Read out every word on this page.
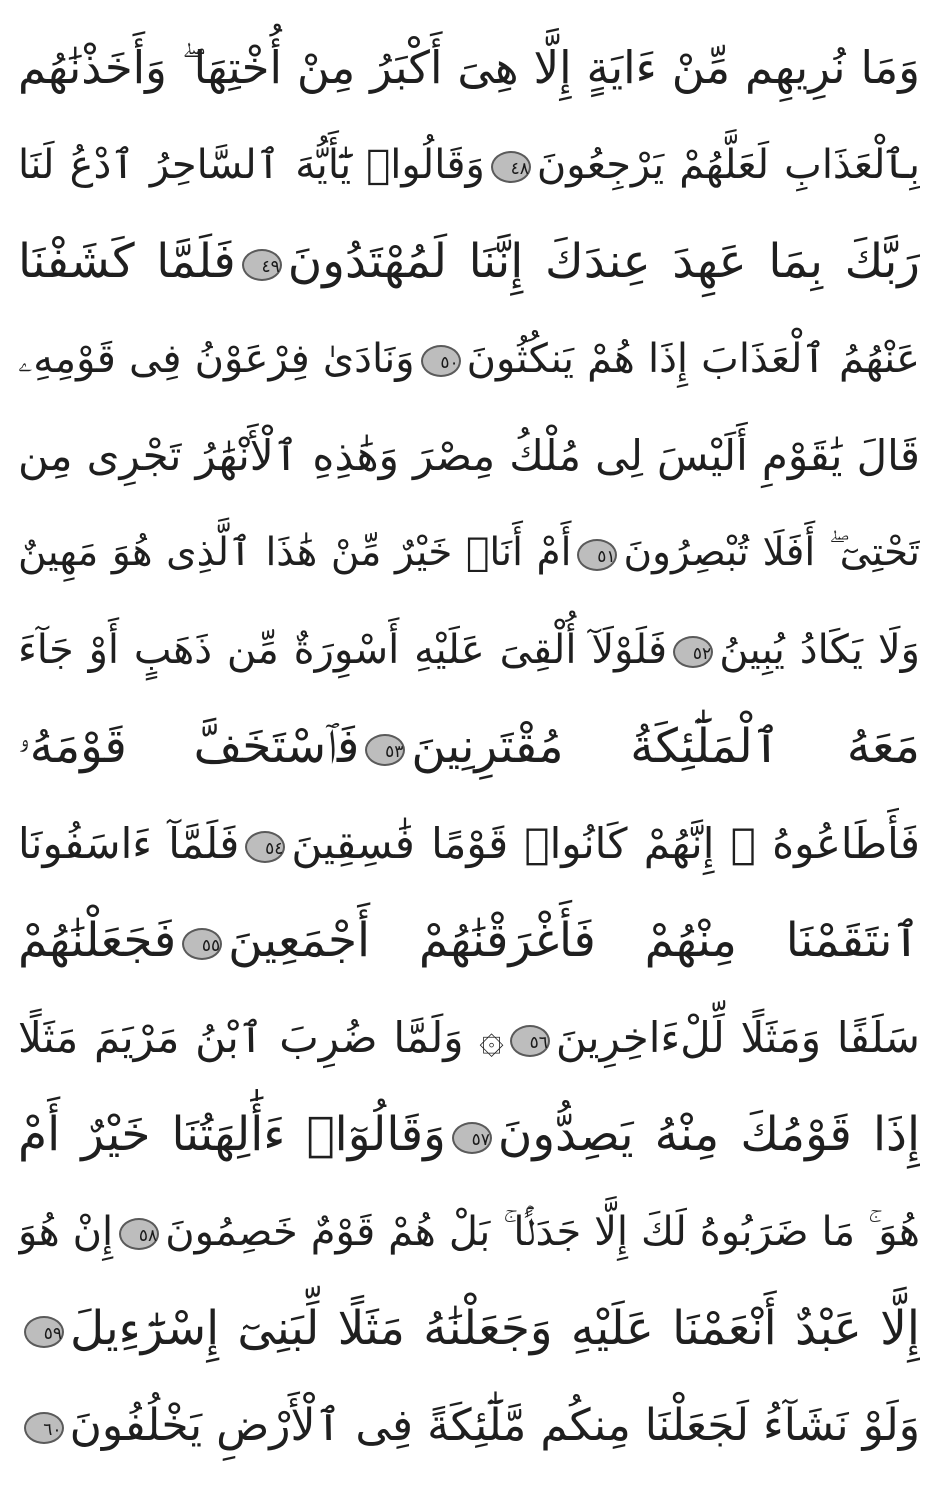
وَمَا نُرِيهِم مِّنْ ءَايَةٍ إِلَّا هِىَ أَكْبَرُ مِنْ أُخْتِهَا ۖ وَأَخَذْنَٰهُم
بِٱلْعَذَابِ لَعَلَّهُمْ يَرْجِعُونَ٤٨وَقَالُوا۟ يَٰٓأَيُّهَ ٱلسَّاحِرُ ٱدْعُ لَنَا
رَبَّكَ بِمَا عَهِدَ عِندَكَ إِنَّنَا لَمُهْتَدُونَ٤٩فَلَمَّا كَشَفْنَا
عَنْهُمُ ٱلْعَذَابَ إِذَا هُمْ يَنكُثُونَ٥٠وَنَادَىٰ فِرْعَوْنُ فِى قَوْمِهِۦ
قَالَ يَٰقَوْمِ أَلَيْسَ لِى مُلْكُ مِصْرَ وَهَٰذِهِ ٱلْأَنْهَٰرُ تَجْرِى مِن
تَحْتِىٓ ۖ أَفَلَا تُبْصِرُونَ٥١أَمْ أَنَا۠ خَيْرٌ مِّنْ هَٰذَا ٱلَّذِى هُوَ مَهِينٌ
وَلَا يَكَادُ يُبِينُ٥٢فَلَوْلَآ أُلْقِىَ عَلَيْهِ أَسْوِرَةٌ مِّن ذَهَبٍ أَوْ جَآءَ
مَعَهُ ٱلْمَلَٰٓئِكَةُ مُقْتَرِنِينَ٥٣فَٱسْتَخَفَّ قَوْمَهُۥ
فَأَطَاعُوهُ ۚ إِنَّهُمْ كَانُوا۟ قَوْمًا فَٰسِقِينَ٥٤فَلَمَّآ ءَاسَفُونَا
ٱنتَقَمْنَا مِنْهُمْ فَأَغْرَقْنَٰهُمْ أَجْمَعِينَ٥٥فَجَعَلْنَٰهُمْ
سَلَفًا وَمَثَلًا لِّلْءَاخِرِينَ٥٦۞ وَلَمَّا ضُرِبَ ٱبْنُ مَرْيَمَ مَثَلًا
إِذَا قَوْمُكَ مِنْهُ يَصِدُّونَ٥٧وَقَالُوٓا۟ ءَأَٰلِهَتُنَا خَيْرٌ أَمْ
هُوَ ۚ مَا ضَرَبُوهُ لَكَ إِلَّا جَدَلًۢا ۚ بَلْ هُمْ قَوْمٌ خَصِمُونَ٥٨إِنْ هُوَ
إِلَّا عَبْدٌ أَنْعَمْنَا عَلَيْهِ وَجَعَلْنَٰهُ مَثَلًا لِّبَنِىٓ إِسْرَٰٓءِيلَ٥٩
وَلَوْ نَشَآءُ لَجَعَلْنَا مِنكُم مَّلَٰٓئِكَةً فِى ٱلْأَرْضِ يَخْلُفُونَ٦٠
